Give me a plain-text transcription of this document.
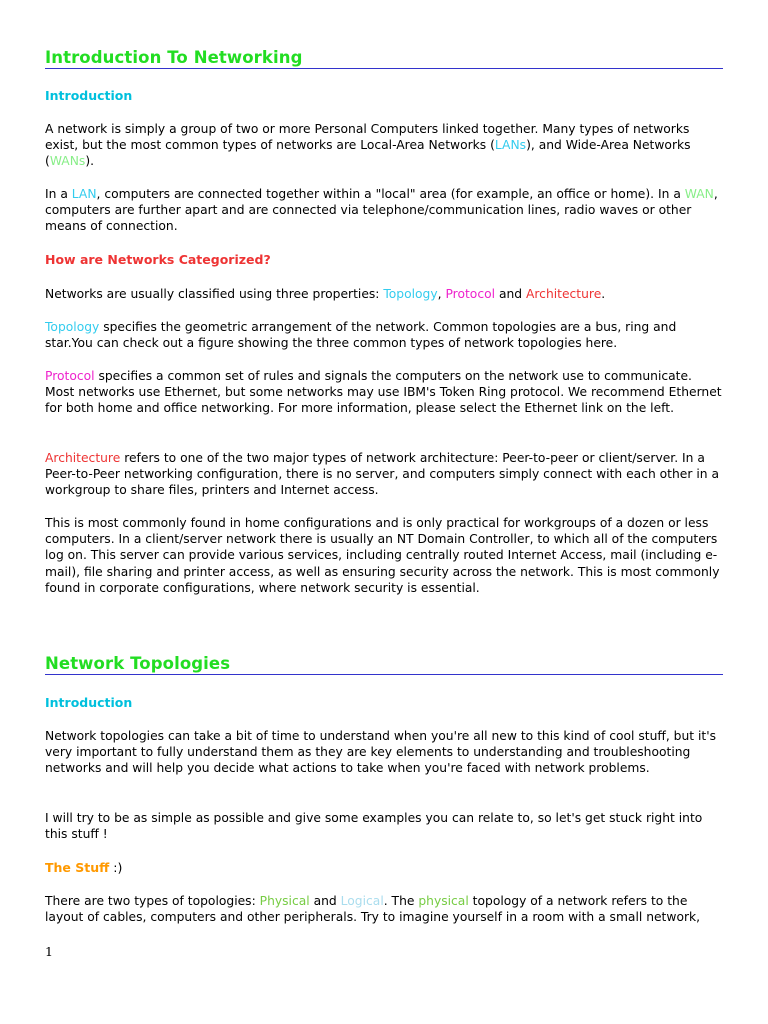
Introduction To Networking
Introduction

A network is simply a group of two or more Personal Computers linked together. Many types of networks exist, but the most common types of networks are Local-Area Networks (LANs), and Wide-Area Networks (WANs).

In a LAN, computers are connected together within a "local" area (for example, an office or home). In a WAN, computers are further apart and are connected via telephone/communication lines, radio waves or other means of connection.

How are Networks Categorized?

Networks are usually classified using three properties: Topology, Protocol and Architecture.

Topology specifies the geometric arrangement of the network. Common topologies are a bus, ring and star.You can check out a figure showing the three common types of network topologies here.

Protocol specifies a common set of rules and signals the computers on the network use to communicate. Most networks use Ethernet, but some networks may use IBM's Token Ring protocol. We recommend Ethernet for both home and office networking. For more information, please select the Ethernet link on the left.

Architecture refers to one of the two major types of network architecture: Peer-to-peer or client/server. In a Peer-to-Peer networking configuration, there is no server, and computers simply connect with each other in a workgroup to share files, printers and Internet access.

This is most commonly found in home configurations and is only practical for workgroups of a dozen or less computers. In a client/server network there is usually an NT Domain Controller, to which all of the computers log on. This server can provide various services, including centrally routed Internet Access, mail (including e-mail), file sharing and printer access, as well as ensuring security across the network. This is most commonly found in corporate configurations, where network security is essential.

Network Topologies
Introduction

Network topologies can take a bit of time to understand when you're all new to this kind of cool stuff, but it's very important to fully understand them as they are key elements to understanding and troubleshooting networks and will help you decide what actions to take when you're faced with network problems.

I will try to be as simple as possible and give some examples you can relate to, so let's get stuck right into this stuff !

The Stuff :)

There are two types of topologies: Physical and Logical. The physical topology of a network refers to the layout of cables, computers and other peripherals. Try to imagine yourself in a room with a small network,

1
